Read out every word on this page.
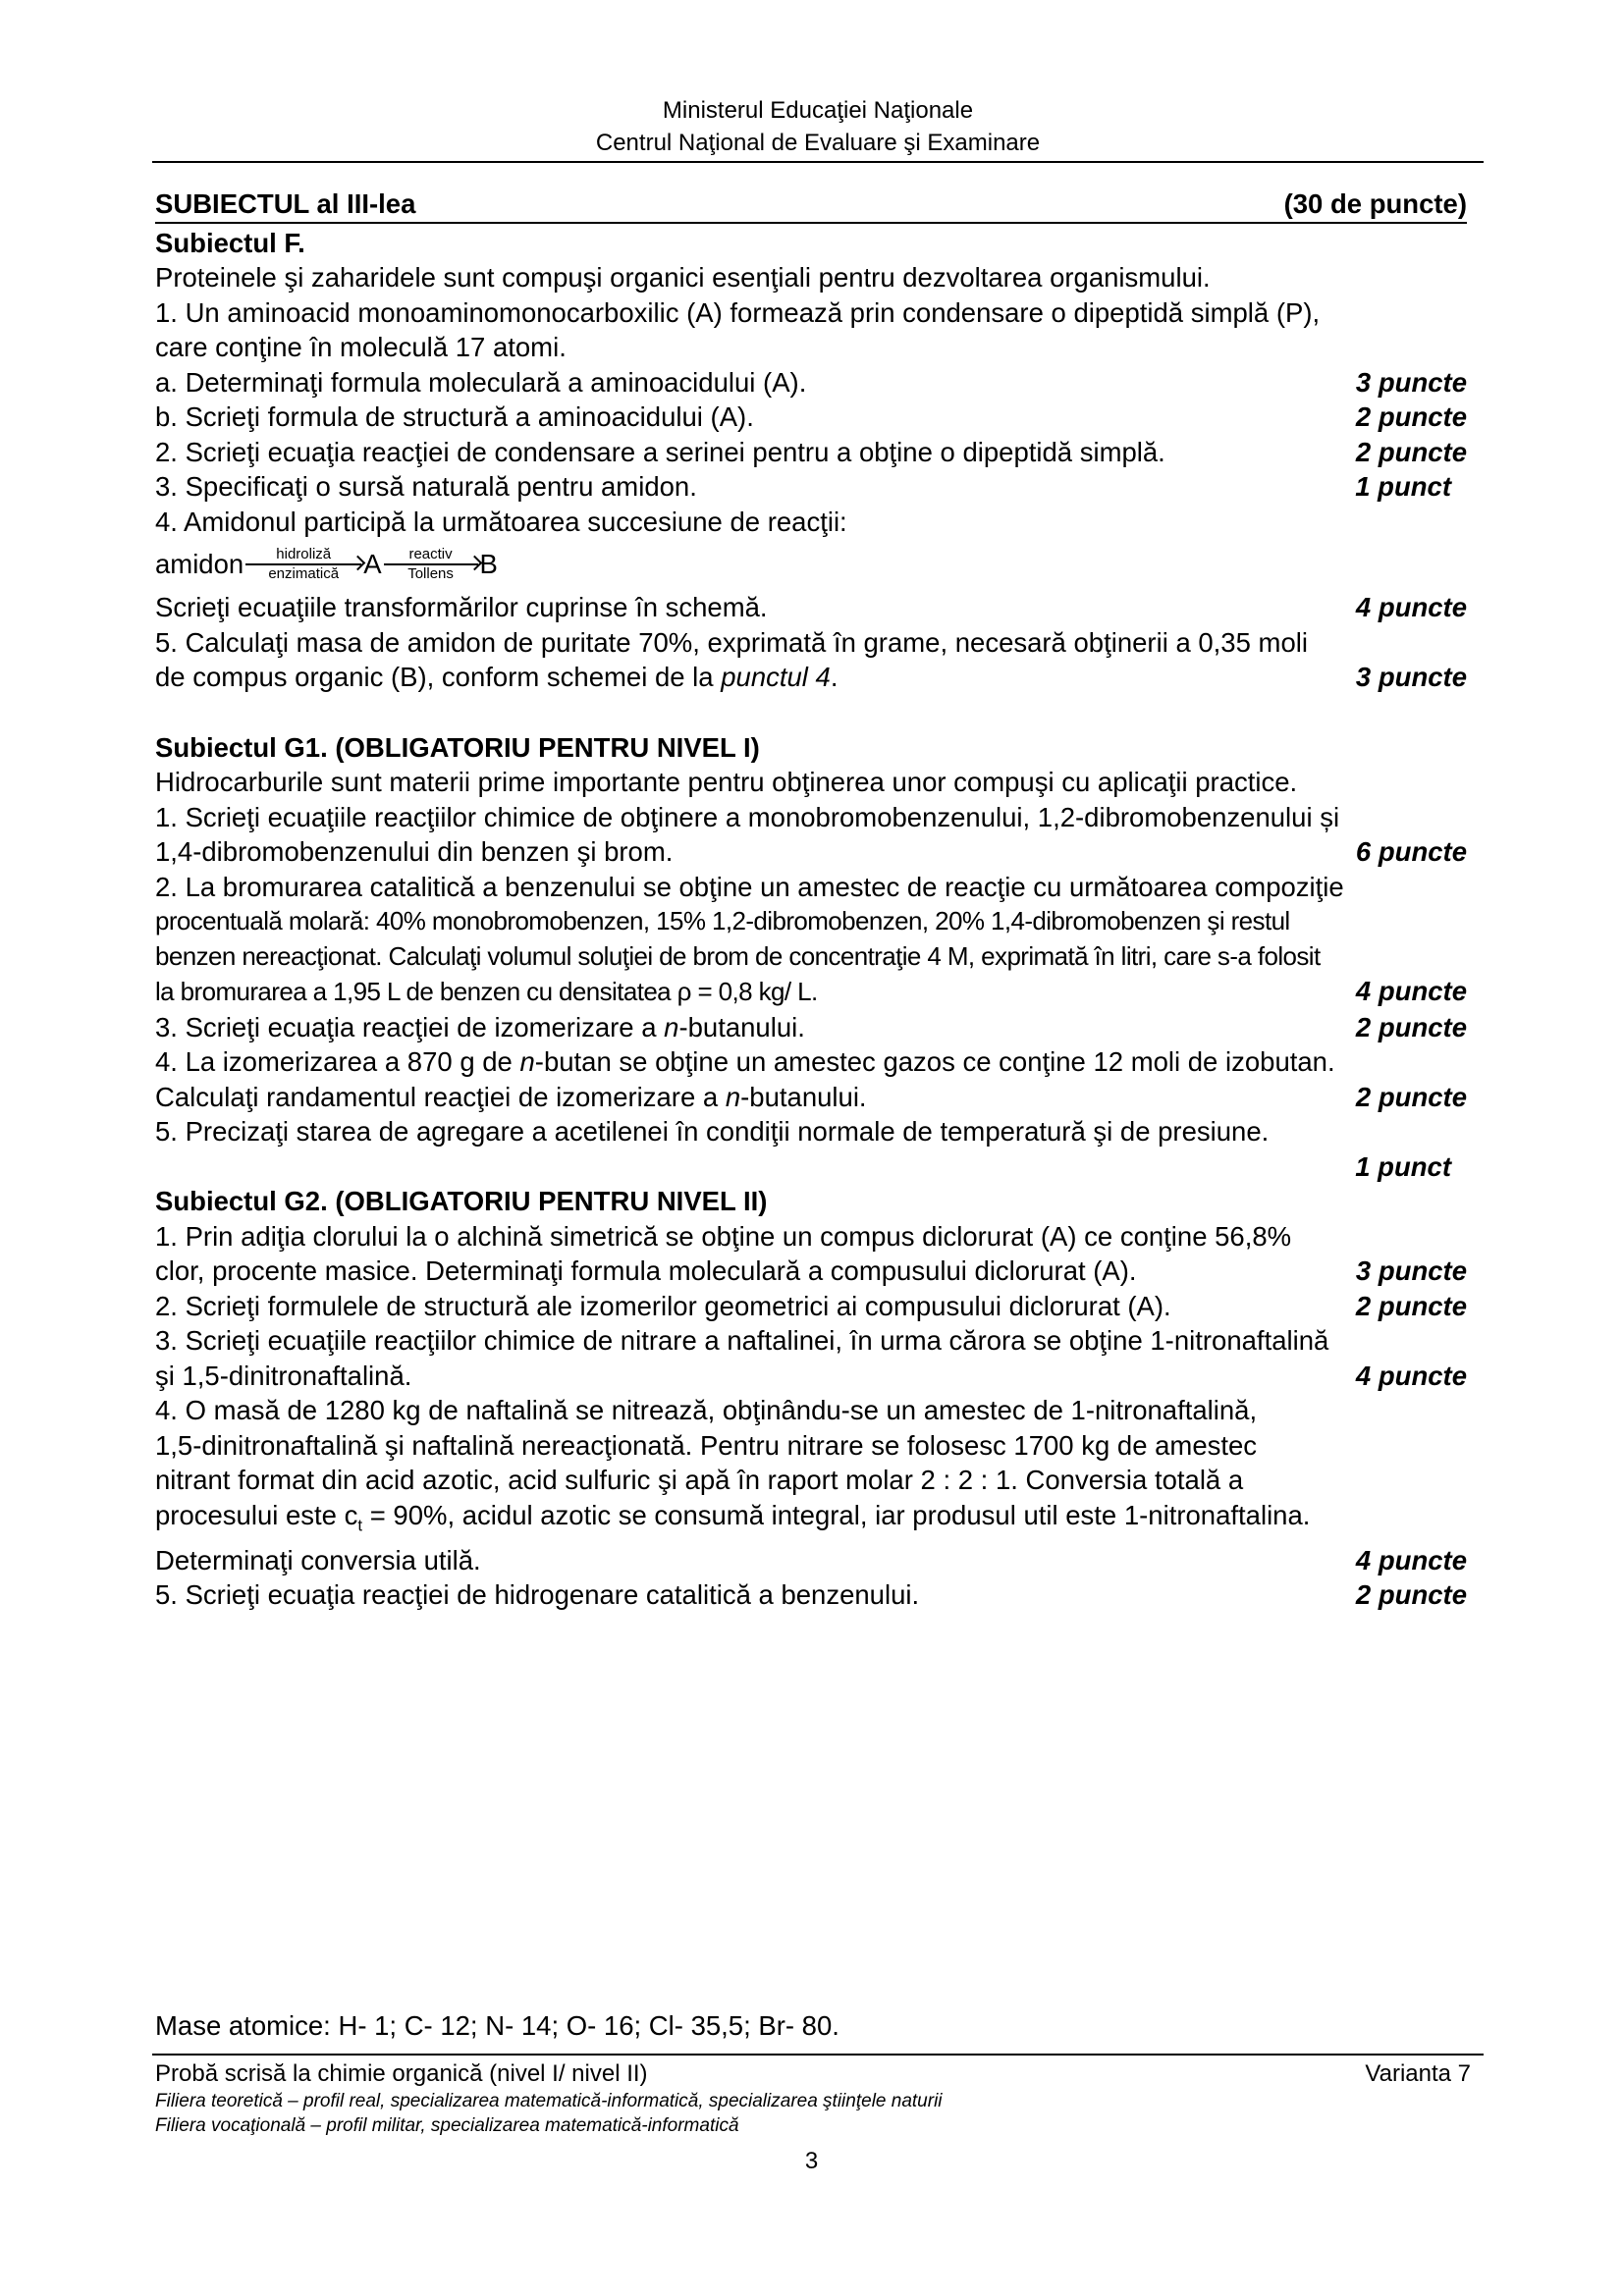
Ministerul Educaţiei Naţionale
Centrul Naţional de Evaluare şi Examinare
SUBIECTUL al III-lea	(30 de puncte)
Subiectul F.
Proteinele şi zaharidele sunt compuşi organici esenţiali pentru dezvoltarea organismului.
1. Un aminoacid monoaminomonocarboxilic (A) formează prin condensare o dipeptidă simplă (P),
care conţine în moleculă 17 atomi.
a. Determinaţi formula moleculară a aminoacidului (A).	3 puncte
b. Scrieţi formula de structură a aminoacidului (A).	2 puncte
2. Scrieţi ecuaţia reacţiei de condensare a serinei pentru a obţine o dipeptidă simplă.	2 puncte
3. Specificaţi o sursă naturală pentru amidon.	1 punct
4. Amidonul participă la următoarea succesiune de reacţii:
amidon hidroliză
enzimatică A reactiv
Tollens B
Scrieţi ecuaţiile transformărilor cuprinse în schemă.	4 puncte
5. Calculaţi masa de amidon de puritate 70%, exprimată în grame, necesară obţinerii a 0,35 moli
de compus organic (B), conform schemei de la punctul 4.	3 puncte
Subiectul G1. (OBLIGATORIU PENTRU NIVEL I)
Hidrocarburile sunt materii prime importante pentru obţinerea unor compuşi cu aplicaţii practice.
1. Scrieţi ecuaţiile reacţiilor chimice de obţinere a monobromobenzenului, 1,2-dibromobenzenului și
1,4-dibromobenzenului din benzen şi brom.	6 puncte
2. La bromurarea catalitică a benzenului se obţine un amestec de reacţie cu următoarea compoziţie
procentuală molară: 40% monobromobenzen, 15% 1,2-dibromobenzen, 20% 1,4-dibromobenzen şi restul
benzen nereacţionat. Calculaţi volumul soluţiei de brom de concentraţie 4 M, exprimată în litri, care s-a folosit
la bromurarea a 1,95 L de benzen cu densitatea ρ = 0,8 kg/ L.	4 puncte
3. Scrieţi ecuaţia reacţiei de izomerizare a n-butanului.	2 puncte
4. La izomerizarea a 870 g de n-butan se obţine un amestec gazos ce conţine 12 moli de izobutan.
Calculaţi randamentul reacţiei de izomerizare a n-butanului.	2 puncte
5. Precizaţi starea de agregare a acetilenei în condiţii normale de temperatură şi de presiune.
1 punct
Subiectul G2. (OBLIGATORIU PENTRU NIVEL II)
1. Prin adiţia clorului la o alchină simetrică se obţine un compus diclorurat (A) ce conţine 56,8%
clor, procente masice. Determinaţi formula moleculară a compusului diclorurat (A).	3 puncte
2. Scrieţi formulele de structură ale izomerilor geometrici ai compusului diclorurat (A).	2 puncte
3. Scrieţi ecuaţiile reacţiilor chimice de nitrare a naftalinei, în urma cărora se obţine 1-nitronaftalină
şi 1,5-dinitronaftalină.	4 puncte
4. O masă de 1280 kg de naftalină se nitrează, obţinându-se un amestec de 1-nitronaftalină,
1,5-dinitronaftalină şi naftalină nereacţionată. Pentru nitrare se folosesc 1700 kg de amestec
nitrant format din acid azotic, acid sulfuric şi apă în raport molar 2 : 2 : 1. Conversia totală a
procesului este $c_t = 90\%$, acidul azotic se consumă integral, iar produsul util este 1-nitronaftalina.
Determinaţi conversia utilă.	4 puncte
5. Scrieţi ecuaţia reacţiei de hidrogenare catalitică a benzenului.	2 puncte
Mase atomice: H- 1; C- 12; N- 14; O- 16; Cl- 35,5; Br- 80.
Probă scrisă la chimie organică (nivel I/ nivel II)	Varianta 7
Filiera teoretică – profil real, specializarea matematică-informatică, specializarea ştiinţele naturii
Filiera vocaţională – profil militar, specializarea matematică-informatică
3
